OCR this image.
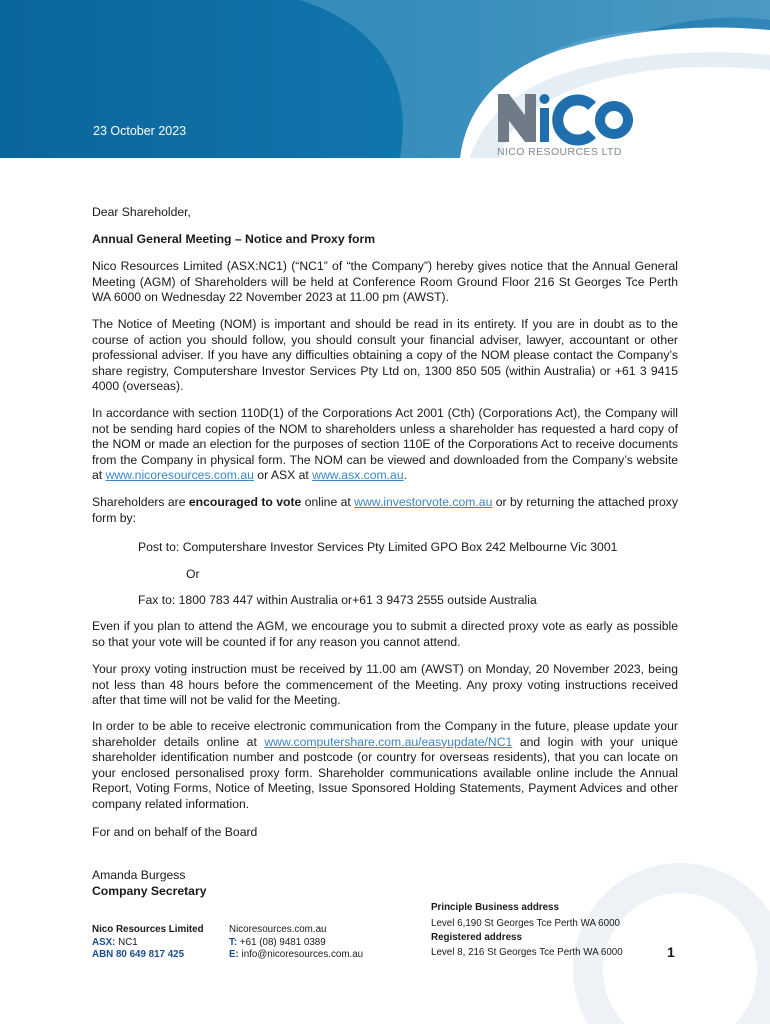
23 October 2023
NICO RESOURCES LTD
Dear Shareholder,
Annual General Meeting – Notice and Proxy form

Nico Resources Limited (ASX:NC1) (“NC1” of “the Company”) hereby gives notice that the Annual General Meeting (AGM) of Shareholders will be held at Conference Room Ground Floor 216 St Georges Tce Perth WA 6000 on Wednesday 22 November 2023 at 11.00 pm (AWST).

The Notice of Meeting (NOM) is important and should be read in its entirety. If you are in doubt as to the course of action you should follow, you should consult your financial adviser, lawyer, accountant or other professional adviser. If you have any difficulties obtaining a copy of the NOM please contact the Company’s share registry, Computershare Investor Services Pty Ltd on, 1300 850 505 (within Australia) or +61 3 9415 4000 (overseas).

In accordance with section 110D(1) of the Corporations Act 2001 (Cth) (Corporations Act), the Company will not be sending hard copies of the NOM to shareholders unless a shareholder has requested a hard copy of the NOM or made an election for the purposes of section 110E of the Corporations Act to receive documents from the Company in physical form. The NOM can be viewed and downloaded from the Company’s website at www.nicoresources.com.au or ASX at www.asx.com.au.

Shareholders are encouraged to vote online at www.investorvote.com.au or by returning the attached proxy form by:

Post to: Computershare Investor Services Pty Limited GPO Box 242 Melbourne Vic 3001
Or
Fax to: 1800 783 447 within Australia or+61 3 9473 2555 outside Australia

Even if you plan to attend the AGM, we encourage you to submit a directed proxy vote as early as possible so that your vote will be counted if for any reason you cannot attend.

Your proxy voting instruction must be received by 11.00 am (AWST) on Monday, 20 November 2023, being not less than 48 hours before the commencement of the Meeting. Any proxy voting instructions received after that time will not be valid for the Meeting.

In order to be able to receive electronic communication from the Company in the future, please update your shareholder details online at www.computershare.com.au/easyupdate/NC1 and login with your unique shareholder identification number and postcode (or country for overseas residents), that you can locate on your enclosed personalised proxy form. Shareholder communications available online include the Annual Report, Voting Forms, Notice of Meeting, Issue Sponsored Holding Statements, Payment Advices and other company related information.

For and on behalf of the Board
Amanda Burgess
Company Secretary
Nico Resources Limited
ASX: NC1
ABN 80 649 817 425
Nicoresources.com.au
T: +61 (08) 9481 0389
E: info@nicoresources.com.au
Principle Business address
Level 6,190 St Georges Tce Perth WA 6000
Registered address
Level 8, 216 St Georges Tce Perth WA 6000	1
